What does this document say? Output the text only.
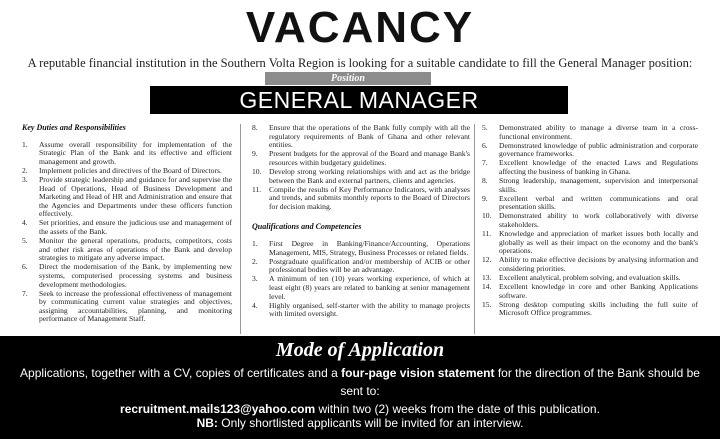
VACANCY
A reputable financial institution in the Southern Volta Region is looking for a suitable candidate to fill the General Manager position:
Position
GENERAL MANAGER
Key Duties and Responsibilities
1.	Assume overall responsibility for implementation of the Strategic Plan of the Bank and its effective and efficient management and growth.
2.	Implement policies and directives of the Board of Directors.
3.	Provide strategic leadership and guidance for and supervise the Head of Operations, Head of Business Development and Marketing and Head of HR and Administration and ensure that the Agencies and Departments under these officers function effectively.
4.	Set priorities, and ensure the judicious use and management of the assets of the Bank.
5.	Monitor the general operations, products, competitors, costs and other risk areas of operations of the Bank and develop strategies to mitigate any adverse impact.
6.	Direct the modernisation of the Bank, by implementing new systems, computerised processing systems and business development methodologies.
7.	Seek to increase the professional effectiveness of management by communicating current value strategies and objectives, assigning accountabilities, planning, and monitoring performance of Management Staff.
8.	Ensure that the operations of the Bank fully comply with all the regulatory requirements of Bank of Ghana and other relevant entities.
9.	Present budgets for the approval of the Board and manage Bank's resources within budgetary guidelines.
10. Develop strong working relationships with and act as the bridge between the Bank and external partners, clients and agencies.
11.	Compile the results of Key Performance Indicators, with analyses and trends, and submits monthly reports to the Board of Directors for decision making.
Qualifications and Competencies
1.	First Degree in Banking/Finance/Accounting, Operations Management, MIS, Strategy, Business Processes or related fields.
2.	Postgraduate qualification and/or membership of ACIB or other professional bodies will be an advantage.
3.	A minimum of ten (10) years working experience, of which at least eight (8) years are related to banking at senior management level.
4.	Highly organised, self-starter with the ability to manage projects with limited oversight.
5.	Demonstrated ability to manage a diverse team in a cross-functional environment.
6.	Demonstrated knowledge of public administration and corporate governance frameworks.
7.	Excellent knowledge of the enacted Laws and Regulations affecting the business of banking in Ghana.
8.	Strong leadership, management, supervision and interpersonal skills.
9.	Excellent verbal and written communications and oral presentation skills.
10. Demonstrated ability to work collaboratively with diverse stakeholders.
11.	Knowledge and appreciation of market issues both locally and globally as well as their impact on the economy and the bank's operations.
12. Ability to make effective decisions by analysing information and considering priorities.
13. Excellent analytical, problem solving, and evaluation skills.
14. Excellent knowledge in core and other Banking Applications software.
15. Strong desktop computing skills including the full suite of Microsoft Office programmes.
Mode of Application
Applications, together with a CV, copies of certificates and a four-page vision statement for the direction of the Bank should be sent to:
recruitment.mails123@yahoo.com within two (2) weeks from the date of this publication.
NB: Only shortlisted applicants will be invited for an interview.
